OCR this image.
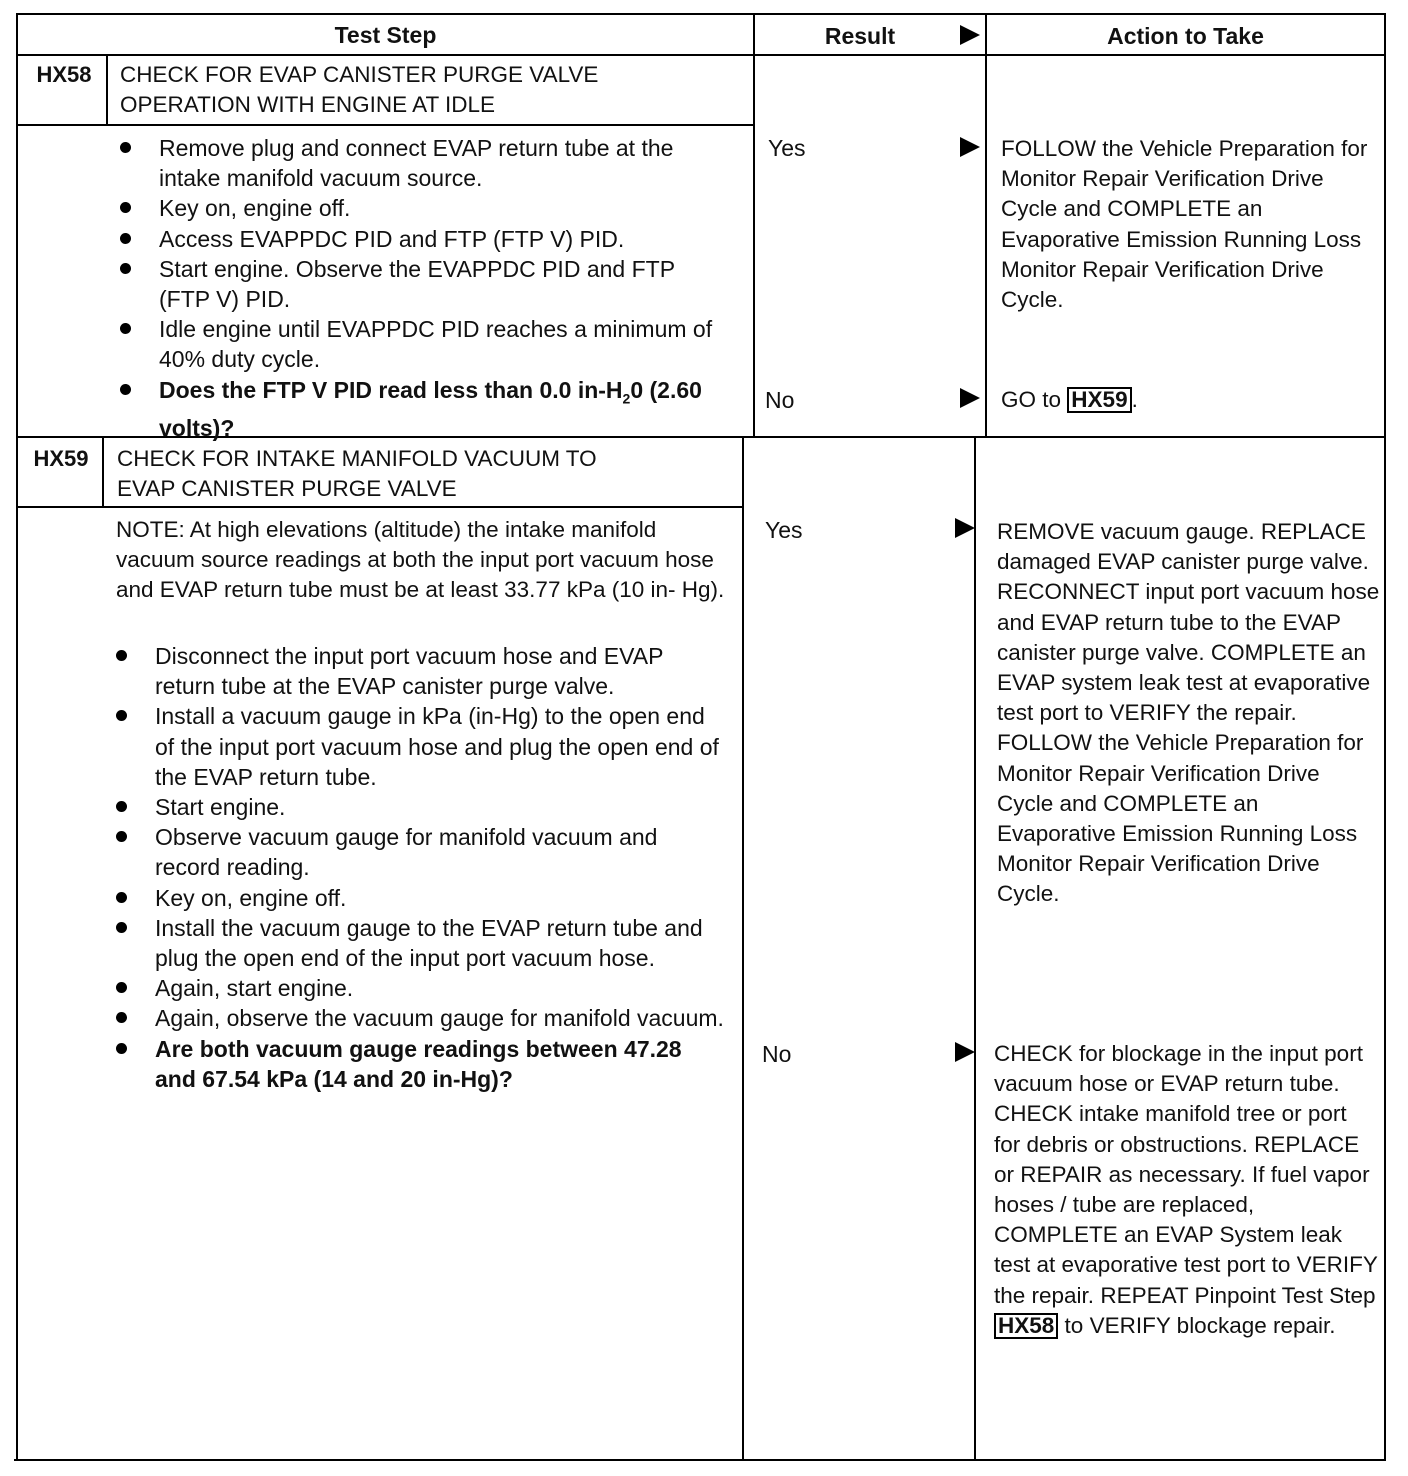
Test Step	Result	Action to Take
HX58	CHECK FOR EVAP CANISTER PURGE VALVE
OPERATION WITH ENGINE AT IDLE
Remove plug and connect EVAP return tube at the intake manifold vacuum source.
Key on, engine off.
Access EVAPPDC PID and FTP (FTP V) PID.
Start engine. Observe the EVAPPDC PID and FTP (FTP V) PID.
Idle engine until EVAPPDC PID reaches a minimum of 40% duty cycle.
Does the FTP V PID read less than 0.0 $in-H_20$ (2.60 volts)?
Yes	FOLLOW the Vehicle Preparation for Monitor Repair Verification Drive Cycle and COMPLETE an Evaporative Emission Running Loss Monitor Repair Verification Drive Cycle.
No	GO to HX59 .
HX59	CHECK FOR INTAKE MANIFOLD VACUUM TO
EVAP CANISTER PURGE VALVE
NOTE: At high elevations (altitude) the intake manifold vacuum source readings at both the input port vacuum hose and EVAP return tube must be at least 33.77 kPa (10 in- Hg).
Disconnect the input port vacuum hose and EVAP return tube at the EVAP canister purge valve.
Install a vacuum gauge in kPa (in-Hg) to the open end of the input port vacuum hose and plug the open end of the EVAP return tube.
Start engine.
Observe vacuum gauge for manifold vacuum and record reading.
Key on, engine off.
Install the vacuum gauge to the EVAP return tube and plug the open end of the input port vacuum hose.
Again, start engine.
Again, observe the vacuum gauge for manifold vacuum.
Are both vacuum gauge readings between 47.28 and 67.54 kPa (14 and 20 in-Hg)?
Yes	REMOVE vacuum gauge. REPLACE damaged EVAP canister purge valve. RECONNECT input port vacuum hose and EVAP return tube to the EVAP canister purge valve. COMPLETE an EVAP system leak test at evaporative test port to VERIFY the repair. FOLLOW the Vehicle Preparation for Monitor Repair Verification Drive Cycle and COMPLETE an Evaporative Emission Running Loss Monitor Repair Verification Drive Cycle.
No	CHECK for blockage in the input port vacuum hose or EVAP return tube. CHECK intake manifold tree or port for debris or obstructions. REPLACE or REPAIR as necessary. If fuel vapor hoses / tube are replaced, COMPLETE an EVAP System leak test at evaporative test port to VERIFY the repair. REPEAT Pinpoint Test Step HX58 to VERIFY blockage repair.
